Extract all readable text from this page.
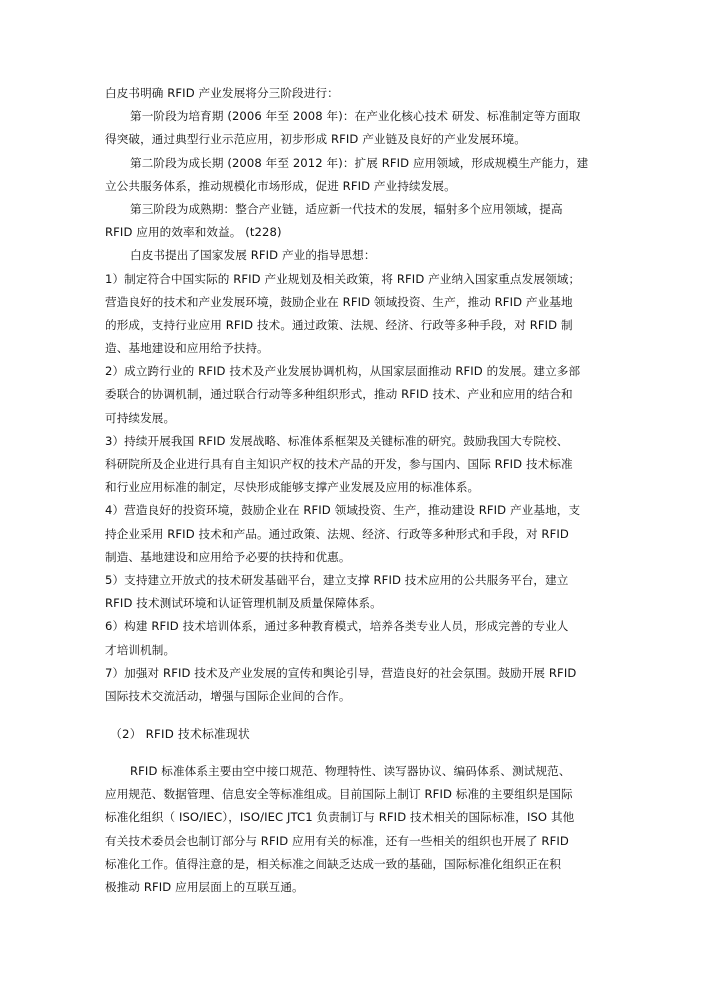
白皮书明确 RFID 产业发展将分三阶段进行：
第一阶段为培育期 (2006 年至 2008 年)：在产业化核心技术 研发、标准制定等方面取
得突破，通过典型行业示范应用，初步形成 RFID 产业链及良好的产业发展环境。
第二阶段为成长期 (2008 年至 2012 年)：扩展 RFID 应用领域，形成规模生产能力，建
立公共服务体系，推动规模化市场形成，促进 RFID 产业持续发展。
第三阶段为成熟期：整合产业链，适应新一代技术的发展，辐射多个应用领域，提高
RFID 应用的效率和效益。 (t228)
白皮书提出了国家发展 RFID 产业的指导思想：
1）制定符合中国实际的 RFID 产业规划及相关政策，将 RFID 产业纳入国家重点发展领域；
营造良好的技术和产业发展环境，鼓励企业在 RFID 领域投资、生产，推动 RFID 产业基地
的形成，支持行业应用 RFID 技术。通过政策、法规、经济、行政等多种手段，对 RFID 制
造、基地建设和应用给予扶持。
2）成立跨行业的 RFID 技术及产业发展协调机构，从国家层面推动 RFID 的发展。建立多部
委联合的协调机制，通过联合行动等多种组织形式，推动 RFID 技术、产业和应用的结合和
可持续发展。
3）持续开展我国 RFID 发展战略、标准体系框架及关键标准的研究。鼓励我国大专院校、
科研院所及企业进行具有自主知识产权的技术产品的开发，参与国内、国际 RFID 技术标准
和行业应用标准的制定，尽快形成能够支撑产业发展及应用的标准体系。
4）营造良好的投资环境，鼓励企业在 RFID 领域投资、生产，推动建设 RFID 产业基地，支
持企业采用 RFID 技术和产品。通过政策、法规、经济、行政等多种形式和手段，对 RFID
制造、基地建设和应用给予必要的扶持和优惠。
5）支持建立开放式的技术研发基础平台，建立支撑 RFID 技术应用的公共服务平台，建立
RFID 技术测试环境和认证管理机制及质量保障体系。
6）构建 RFID 技术培训体系，通过多种教育模式，培养各类专业人员，形成完善的专业人
才培训机制。
7）加强对 RFID 技术及产业发展的宣传和舆论引导，营造良好的社会氛围。鼓励开展 RFID
国际技术交流活动，增强与国际企业间的合作。
（2） RFID 技术标准现状
RFID 标准体系主要由空中接口规范、物理特性、读写器协议、编码体系、测试规范、
应用规范、数据管理、信息安全等标准组成。目前国际上制订 RFID 标准的主要组织是国际
标准化组织（ ISO/IEC），ISO/IEC JTC1 负责制订与 RFID 技术相关的国际标准，ISO 其他
有关技术委员会也制订部分与 RFID 应用有关的标准，还有一些相关的组织也开展了 RFID
标准化工作。值得注意的是，相关标准之间缺乏达成一致的基础，国际标准化组织正在积
极推动 RFID 应用层面上的互联互通。
